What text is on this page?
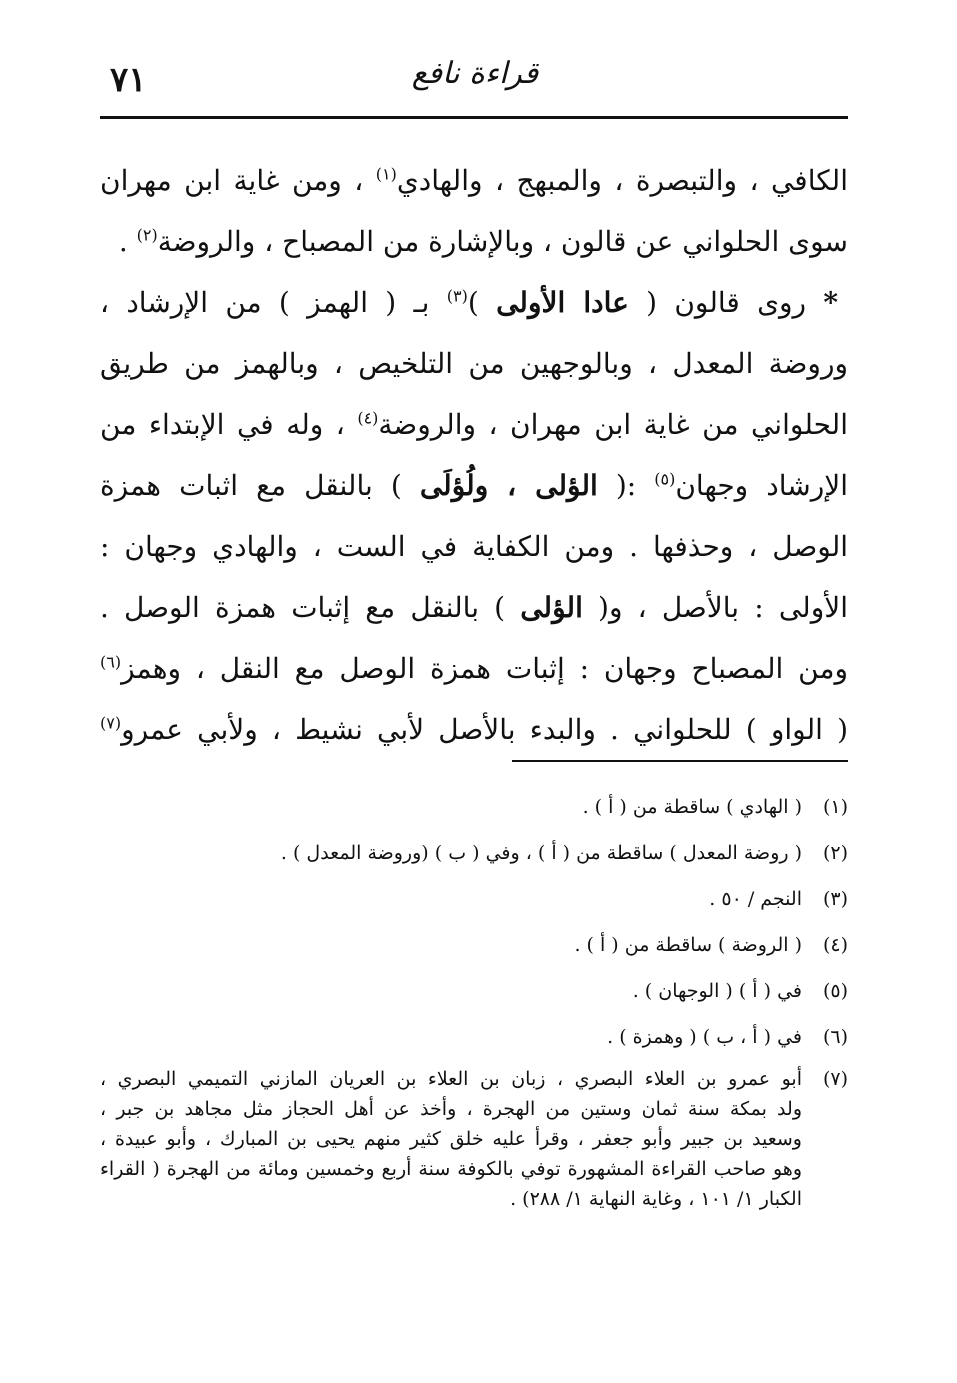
٧١	قراءة نافع
الكافي ، والتبصرة ، والمبهج ، والهادي$^{(١)}$ ، ومن غاية ابن مهران
سوى الحلواني عن قالون ، وبالإشارة من المصباح ، والروضة$^{(٢)}$ .
* روى قالون ( عادا الأولى )$^{(٣)}$ بـ ( الهمز ) من الإرشاد ،
وروضة المعدل ، وبالوجهين من التلخيص ، وبالهمز من طريق
الحلواني من غاية ابن مهران ، والروضة$^{(٤)}$ ، وله في الإبتداء من
الإرشاد وجهان$^{(٥)}$ :( الؤلى ، ولُؤلَى ) بالنقل مع اثبات همزة
الوصل ، وحذفها . ومن الكفاية في الست ، والهادي وجهان :
الأولى : بالأصل ، و( الؤلى ) بالنقل مع إثبات همزة الوصل .
ومن المصباح وجهان : إثبات همزة الوصل مع النقل ، وهمز$^{(٦)}$
( الواو ) للحلواني . والبدء بالأصل لأبي نشيط ، ولأبي عمرو$^{(٧)}$
(١)
( الهادي ) ساقطة من ( أ ) .
(٢)
( روضة المعدل ) ساقطة من ( أ ) ، وفي ( ب ) (وروضة المعدل ) .
(٣)
النجم / ٥٠ .
(٤)
( الروضة ) ساقطة من ( أ ) .
(٥)
في ( أ ) ( الوجهان ) .
(٦)
في ( أ ، ب ) ( وهمزة ) .
(٧)
أبو عمرو بن العلاء البصري ، زبان بن العلاء بن العريان المازني التميمي البصري ،
ولد بمكة سنة ثمان وستين من الهجرة ، وأخذ عن أهل الحجاز مثل مجاهد بن جبر ،
وسعيد بن جبير وأبو جعفر ، وقرأ عليه خلق كثير منهم يحيى بن المبارك ، وأبو عبيدة ،
وهو صاحب القراءة المشهورة توفي بالكوفة سنة أربع وخمسين ومائة من الهجرة ( القراء
الكبار ١/ ١٠١ ، وغاية النهاية ١/ ٢٨٨) .
